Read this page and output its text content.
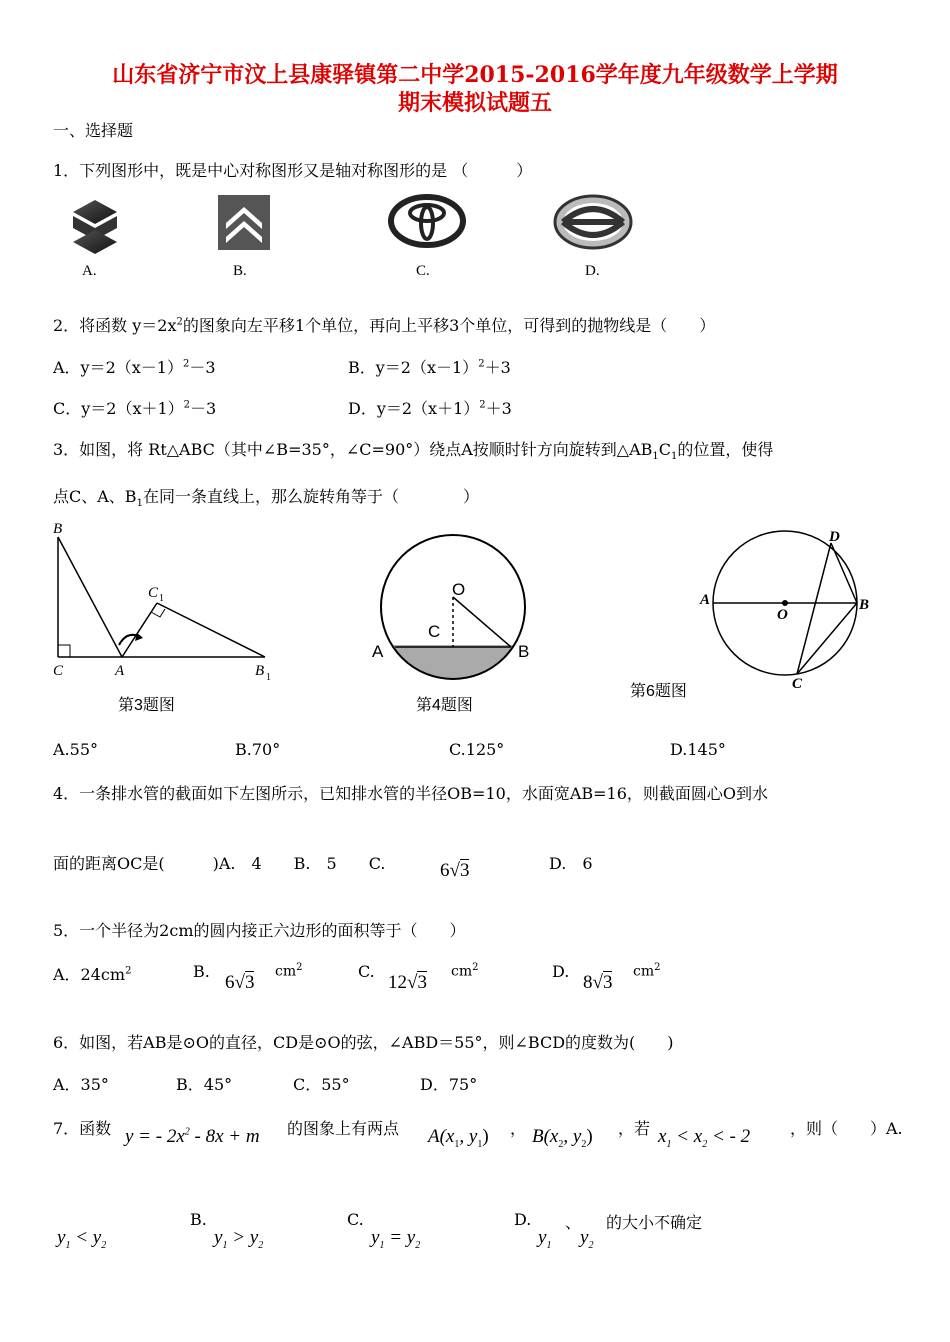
山东省济宁市汶上县康驿镇第二中学2015-2016学年度九年级数学上学期
期末模拟试题五
一、选择题
1．下列图形中，既是中心对称图形又是轴对称图形的是 （　　　）
A.	B.	C.	D.
2．将函数 $y=2x^2$的图象向左平移1个单位，再向上平移3个单位，可得到的抛物线是（　　）
A．$y=2(x-1)^2-3$	B．$y=2(x-1)^2+3$
C．$y=2(x+1)^2-3$	D．$y=2(x+1)^2+3$
3．如图，将 Rt△ABC（其中∠B=35°，∠C=90°）绕点A按顺时针方向旋转到$\triangle AB_1C_1$的位置，使得
点C、A、$B_1$在同一条直线上，那么旋转角等于（　　　　）
B
C	A
C 1
B 1
第3题图
O
C
A	B
第4题图
A
O
B
C
D
第6题图
A.55°	B.70°	C.125°	D.145°
4．一条排水管的截面如下左图所示，已知排水管的半径OB=10，水面宽AB=16，则截面圆心O到水
面的距离OC是(　　　)A.　4　　B.　5　　C.	6√3	D.　6
5．一个半径为2cm的圆内接正六边形的面积等于（　　）
A．$24cm^2$	B.
6√3
$cm^2$	C.
12√3
$cm^2$	D.
8√3
$cm^2$
6．如图，若AB是⊙O的直径，CD是⊙O的弦，∠ABD＝55°，则∠BCD的度数为(　　)
A．35°	B．45°	C．55°	D．75°
7．函数 y = - $2x^2 - 8x + m$ 的图象上有两点 $A(x_1$, $y_1$) ， $B(x_2$, $y_2$) ，若 $x_1 < x_2$ < - 2 ，则（　　）A.
$y_1 < y_2$
B.
$y_1 > y_2$
C.
$y_1 = y_2$
D.
$y_1$
、
$y_2$
的大小不确定
